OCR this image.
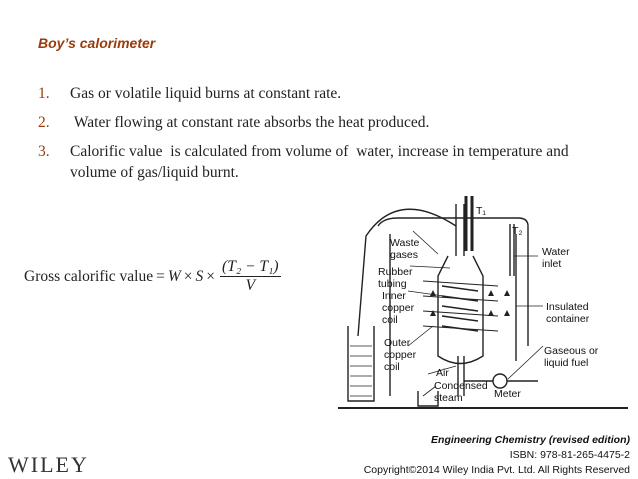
Boy’s calorimeter
1.	Gas or volatile liquid burns at constant rate.
2.	Water flowing at constant rate absorbs the heat produced.
3.	Calorific value  is calculated from volume of  water, increase in temperature and volume of gas/liquid burnt.
Gross calorific value = $W \times S \times \frac{\text{(T₂ − T₁)}}{V}$
T₁
T₂
Waste
gases	Water
inlet
Rubber
tubing
Inner
copper
coil
Insulated
container
Outer
copper
coil	Air
Gaseous or
liquid fuel
Condensed
steam	Meter
WILEY
Engineering Chemistry (revised edition)
ISBN: 978-81-265-4475-2
Copyright©2014 Wiley India Pvt. Ltd. All Rights Reserved
